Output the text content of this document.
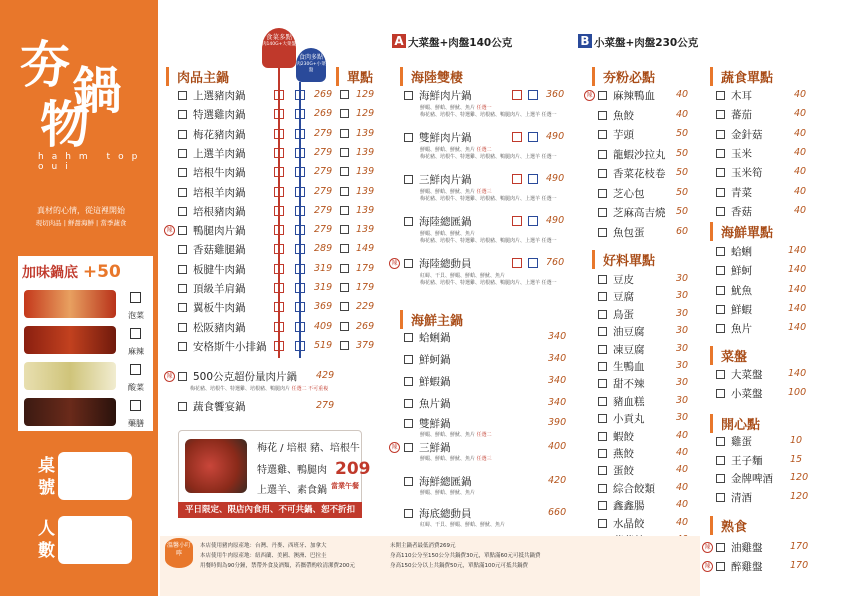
夯 鍋
物
hahm top oui
真材的心情，從這裡開始
現切肉品 | 鮮甜海鮮 | 當季蔬食
加味鍋底 +50
泡菜
麻辣
酸菜
藥膳
桌 號
人 數
食菜多點
肉140G+大菜盤
食肉多點
肉230G+小菜盤
肉品主鍋	單點
上選豬肉鍋	269	129
特選雞肉鍋	269	129
梅花豬肉鍋	279	139
上選羊肉鍋	279	139
培根牛肉鍋	279	139
培根羊肉鍋	279	139
培根豬肉鍋	279	139
辣	鴨腿肉片鍋	279	139
香菇雞腿鍋	289	149
板腱牛肉鍋	319	179
頂級羊肩鍋	319	179
翼板牛肉鍋	369	229
松阪豬肉鍋	409	269
安格斯牛小排鍋	519	379
辣	500公克超份量肉片鍋 429
梅花豬、培根牛、特選雞、培根豬、鴨腿肉片 任選二 不可重複
蔬食饗宴鍋	279
梅花 / 培根 豬、培根牛
特選雞、鴨腿肉
上選羊、素食鍋
209
當業午餐
平日限定、限店內食用、不可共鍋、恕不折扣
A 大菜盤+肉盤140公克	B 小菜盤+肉盤230公克
海陸雙棲
海鮮肉片鍋	360
鮮蝦、鮮蛤、鮮魷、魚片 任選一
梅花豬、培根牛、特選雞、培根豬、鴨腿肉片、上選羊 任選一
雙鮮肉片鍋	490
鮮蝦、鮮蛤、鮮魷、魚片 任選二
梅花豬、培根牛、特選雞、培根豬、鴨腿肉片、上選羊 任選一
三鮮肉片鍋	490
鮮蝦、鮮蛤、鮮魷、魚片 任選三
梅花豬、培根牛、特選雞、培根豬、鴨腿肉片、上選羊 任選一
海陸總匯鍋	490
鮮蝦、鮮蛤、鮮魷、魚片
梅花豬、培根牛、特選雞、培根豬、鴨腿肉片、上選羊 任選一
辣	海陸總動員	760
紅蟳、干貝、鮮蝦、鮮蛤、鮮魷、魚片
梅花豬、培根牛、特選雞、培根豬、鴨腿肉片、上選羊 任選一
海鮮主鍋
蛤蜊鍋	340
鮮蚵鍋	340
鮮蝦鍋	340
魚片鍋	340
雙鮮鍋	390
鮮蝦、鮮蛤、鮮魷、魚片 任選二
辣	三鮮鍋	400
鮮蝦、鮮蛤、鮮魷、魚片 任選三
海鮮總匯鍋	420
鮮蝦、鮮蛤、鮮魷、魚片
海底總動員	660
紅蟳、干貝、鮮蝦、鮮蛤、鮮魷、魚片
夯粉必點
辣	麻辣鴨血 40
魚餃	40
芋頭	50
龍蝦沙拉丸 50
香菜花枝卷 50
芝心包	50
芝麻高吉燒 50
魚包蛋	60
好料單點
豆皮	30
豆腐	30
鳥蛋	30
油豆腐	30
凍豆腐	30
生鴨血	30
甜不辣	30
豬血糕	30
小貢丸	30
蝦餃	40
燕餃	40
蛋餃	40
綜合餃類 40
鑫鑫腸	40
水晶餃	40
蔬食單點
木耳	40
蕃茄	40
金針菇	40
玉米	40
玉米筍	40
青菜	40
香菇	40
海鮮單點
蛤蜊	140
鮮蚵	140
魷魚	140
鮮蝦	140
魚片	140
菜盤
大菜盤	140
小菜盤	100
開心點
雞蛋	10
王子麵	15
金牌啤酒 120
清酒	120
熟食
辣	油雞盤	170
辣	醉雞盤	170
溫馨小叮嚀
本店使用豬肉原產地：台灣、丹麥、西班牙、加拿大
本店使用牛肉原產地：紐西蘭、美國、澳洲、巴拉圭
用餐時間為90分鐘，禁帶外食及酒類，若攜帶酌收清潔費200元
未開主鍋者最低消費269元
身高110公分至150公分共鍋費30元，單點滿60元可抵共鍋費
身高150公分以上共鍋費50元，單點滿100元可抵共鍋費
